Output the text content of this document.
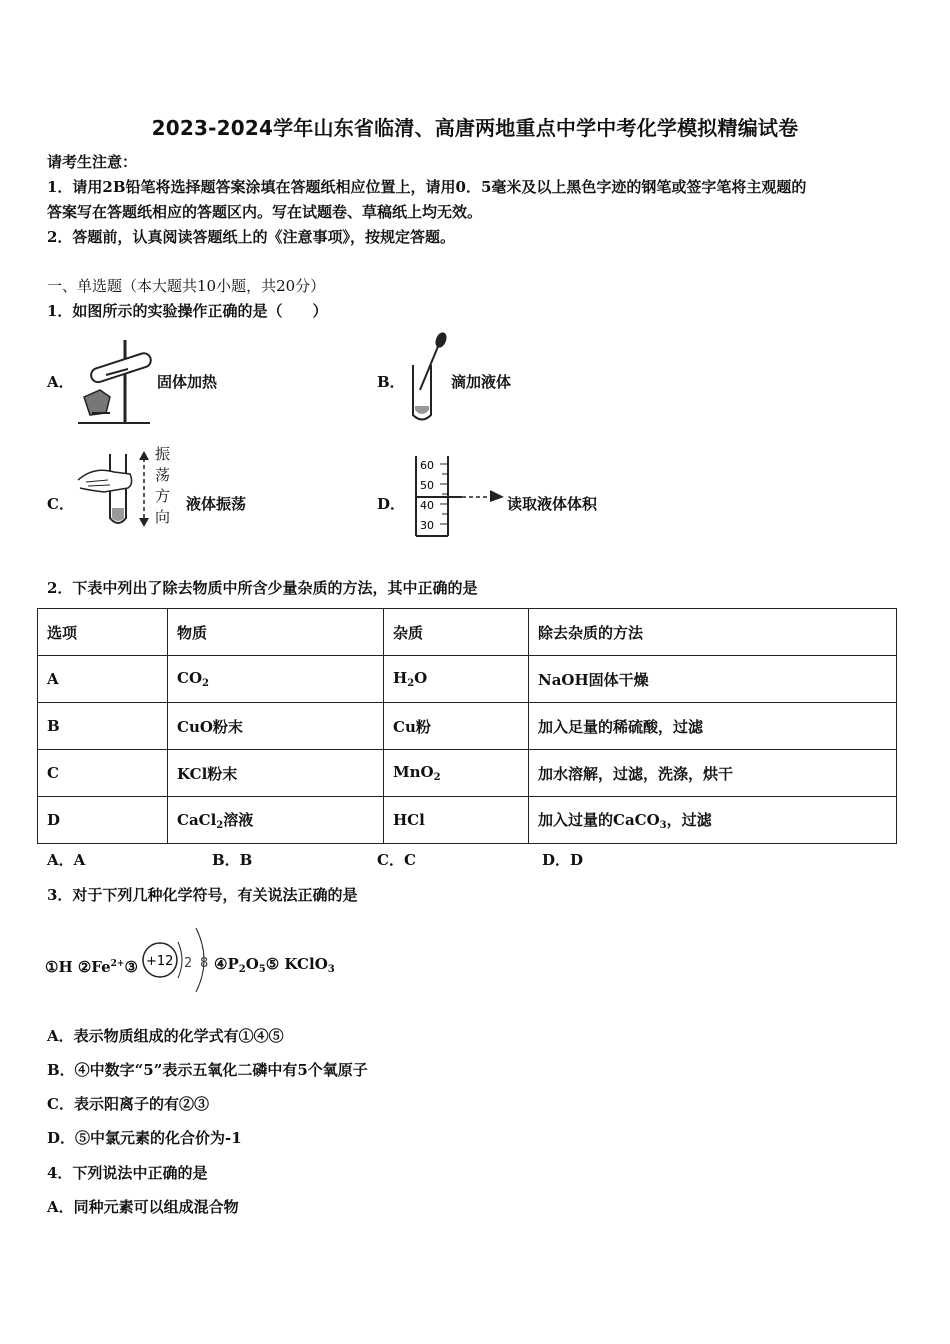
2023-2024学年山东省临清、高唐两地重点中学中考化学模拟精编试卷
请考生注意：
1．请用2B铅笔将选择题答案涂填在答题纸相应位置上，请用0．5毫米及以上黑色字迹的钢笔或签字笔将主观题的
答案写在答题纸相应的答题区内。写在试题卷、草稿纸上均无效。
2．答题前，认真阅读答题纸上的《注意事项》，按规定答题。
一、单选题（本大题共10小题，共20分）
1．如图所示的实验操作正确的是（　　）
A．	固体加热	B．	滴加液体
C．
振
荡
方
向
液体振荡	D．
60
50
40
30
读取液体体积
2．下表中列出了除去物质中所含少量杂质的方法，其中正确的是
选项	物质	杂质	除去杂质的方法
A	$CO_2$	$H_2O$	NaOH固体干燥
B	CuO粉末	Cu粉	加入足量的稀硫酸，过滤
C	KCl粉末	MnO$_2$	加水溶解，过滤，洗涤，烘干
D	CaCl$_2$溶液	HCl	加入过量的CaCO$_3$，过滤
A．A	B．B	C．C	D．D
3．对于下列几种化学符号，有关说法正确的是
①H $②Fe^{2+}③ +12$ 2 8 $④P_2O_5⑤$ KClO$_3$
A．表示物质组成的化学式有①④⑤
B．④中数字“5”表示五氧化二磷中有5个氧原子
C．表示阳离子的有②③
D．⑤中氯元素的化合价为-1
4．下列说法中正确的是
A．同种元素可以组成混合物
